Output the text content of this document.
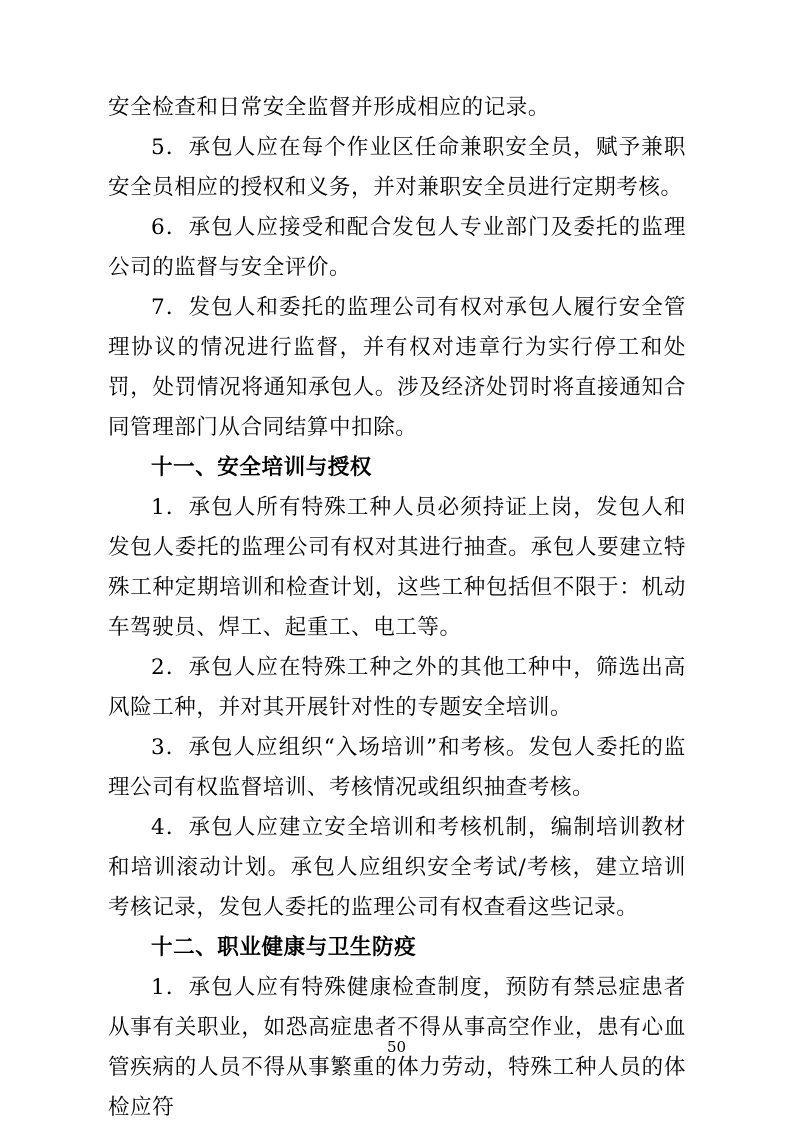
安全检查和日常安全监督并形成相应的记录。

5．承包人应在每个作业区任命兼职安全员，赋予兼职安全员相应的授权和义务，并对兼职安全员进行定期考核。

6．承包人应接受和配合发包人专业部门及委托的监理公司的监督与安全评价。

7．发包人和委托的监理公司有权对承包人履行安全管理协议的情况进行监督，并有权对违章行为实行停工和处罚，处罚情况将通知承包人。涉及经济处罚时将直接通知合同管理部门从合同结算中扣除。

十一、安全培训与授权

1．承包人所有特殊工种人员必须持证上岗，发包人和发包人委托的监理公司有权对其进行抽查。承包人要建立特殊工种定期培训和检查计划，这些工种包括但不限于：机动车驾驶员、焊工、起重工、电工等。

2．承包人应在特殊工种之外的其他工种中，筛选出高风险工种，并对其开展针对性的专题安全培训。

3．承包人应组织“入场培训”和考核。发包人委托的监理公司有权监督培训、考核情况或组织抽查考核。

4．承包人应建立安全培训和考核机制，编制培训教材和培训滚动计划。承包人应组织安全考试/考核，建立培训考核记录，发包人委托的监理公司有权查看这些记录。

十二、职业健康与卫生防疫

1．承包人应有特殊健康检查制度，预防有禁忌症患者从事有关职业，如恐高症患者不得从事高空作业，患有心血管疾病的人员不得从事繁重的体力劳动，特殊工种人员的体检应符

50
